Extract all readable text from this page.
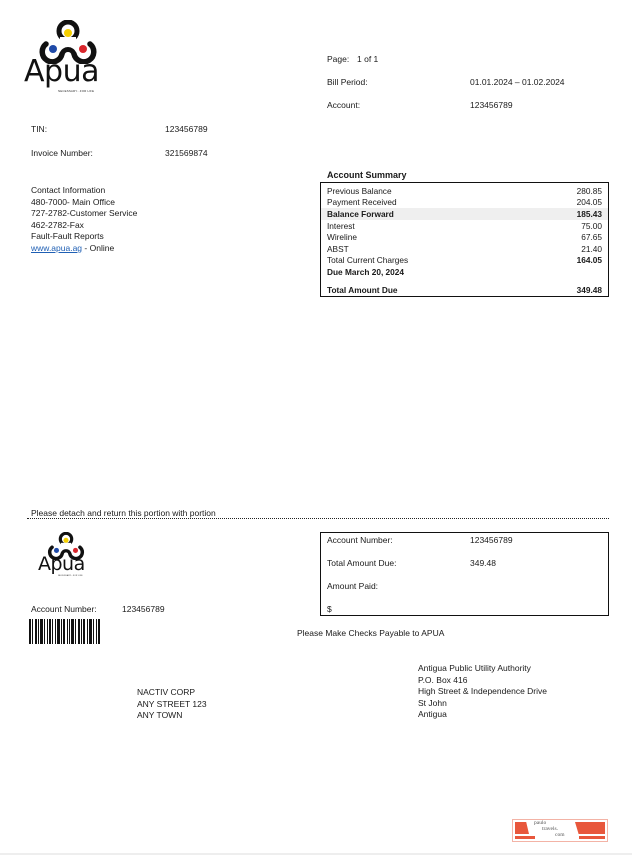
Apua
NECESSARY...FOR LIFE
Page: 1 of 1
Bill Period:	01.01.2024 – 01.02.2024
Account:	123456789
TIN:	123456789
Invoice Number:	321569874
Contact Information
480-7000- Main Office
727-2782-Customer Service
462-2782-Fax
Fault-Fault Reports
www.apua.ag - Online
Account Summary
Previous Balance	280.85
Payment Received	204.05
Balance Forward	185.43
Interest	75.00
Wireline	67.65
ABST	21.40
Total Current Charges	164.05
Due March 20, 2024
Total Amount Due	349.48
Please detach and return this portion with portion
Apua
NECESSARY...FOR LIFE
Account Number:	123456789
Total Amount Due:	349.48
Amount Paid:
$
Account Number:	123456789
Please Make Checks Payable to APUA
NACTIV CORP
ANY STREET 123
ANY TOWN
Antigua Public Utility Authority
P.O. Box 416
High Street & Independence Drive
St John
Antigua
paulo
travels.
com
